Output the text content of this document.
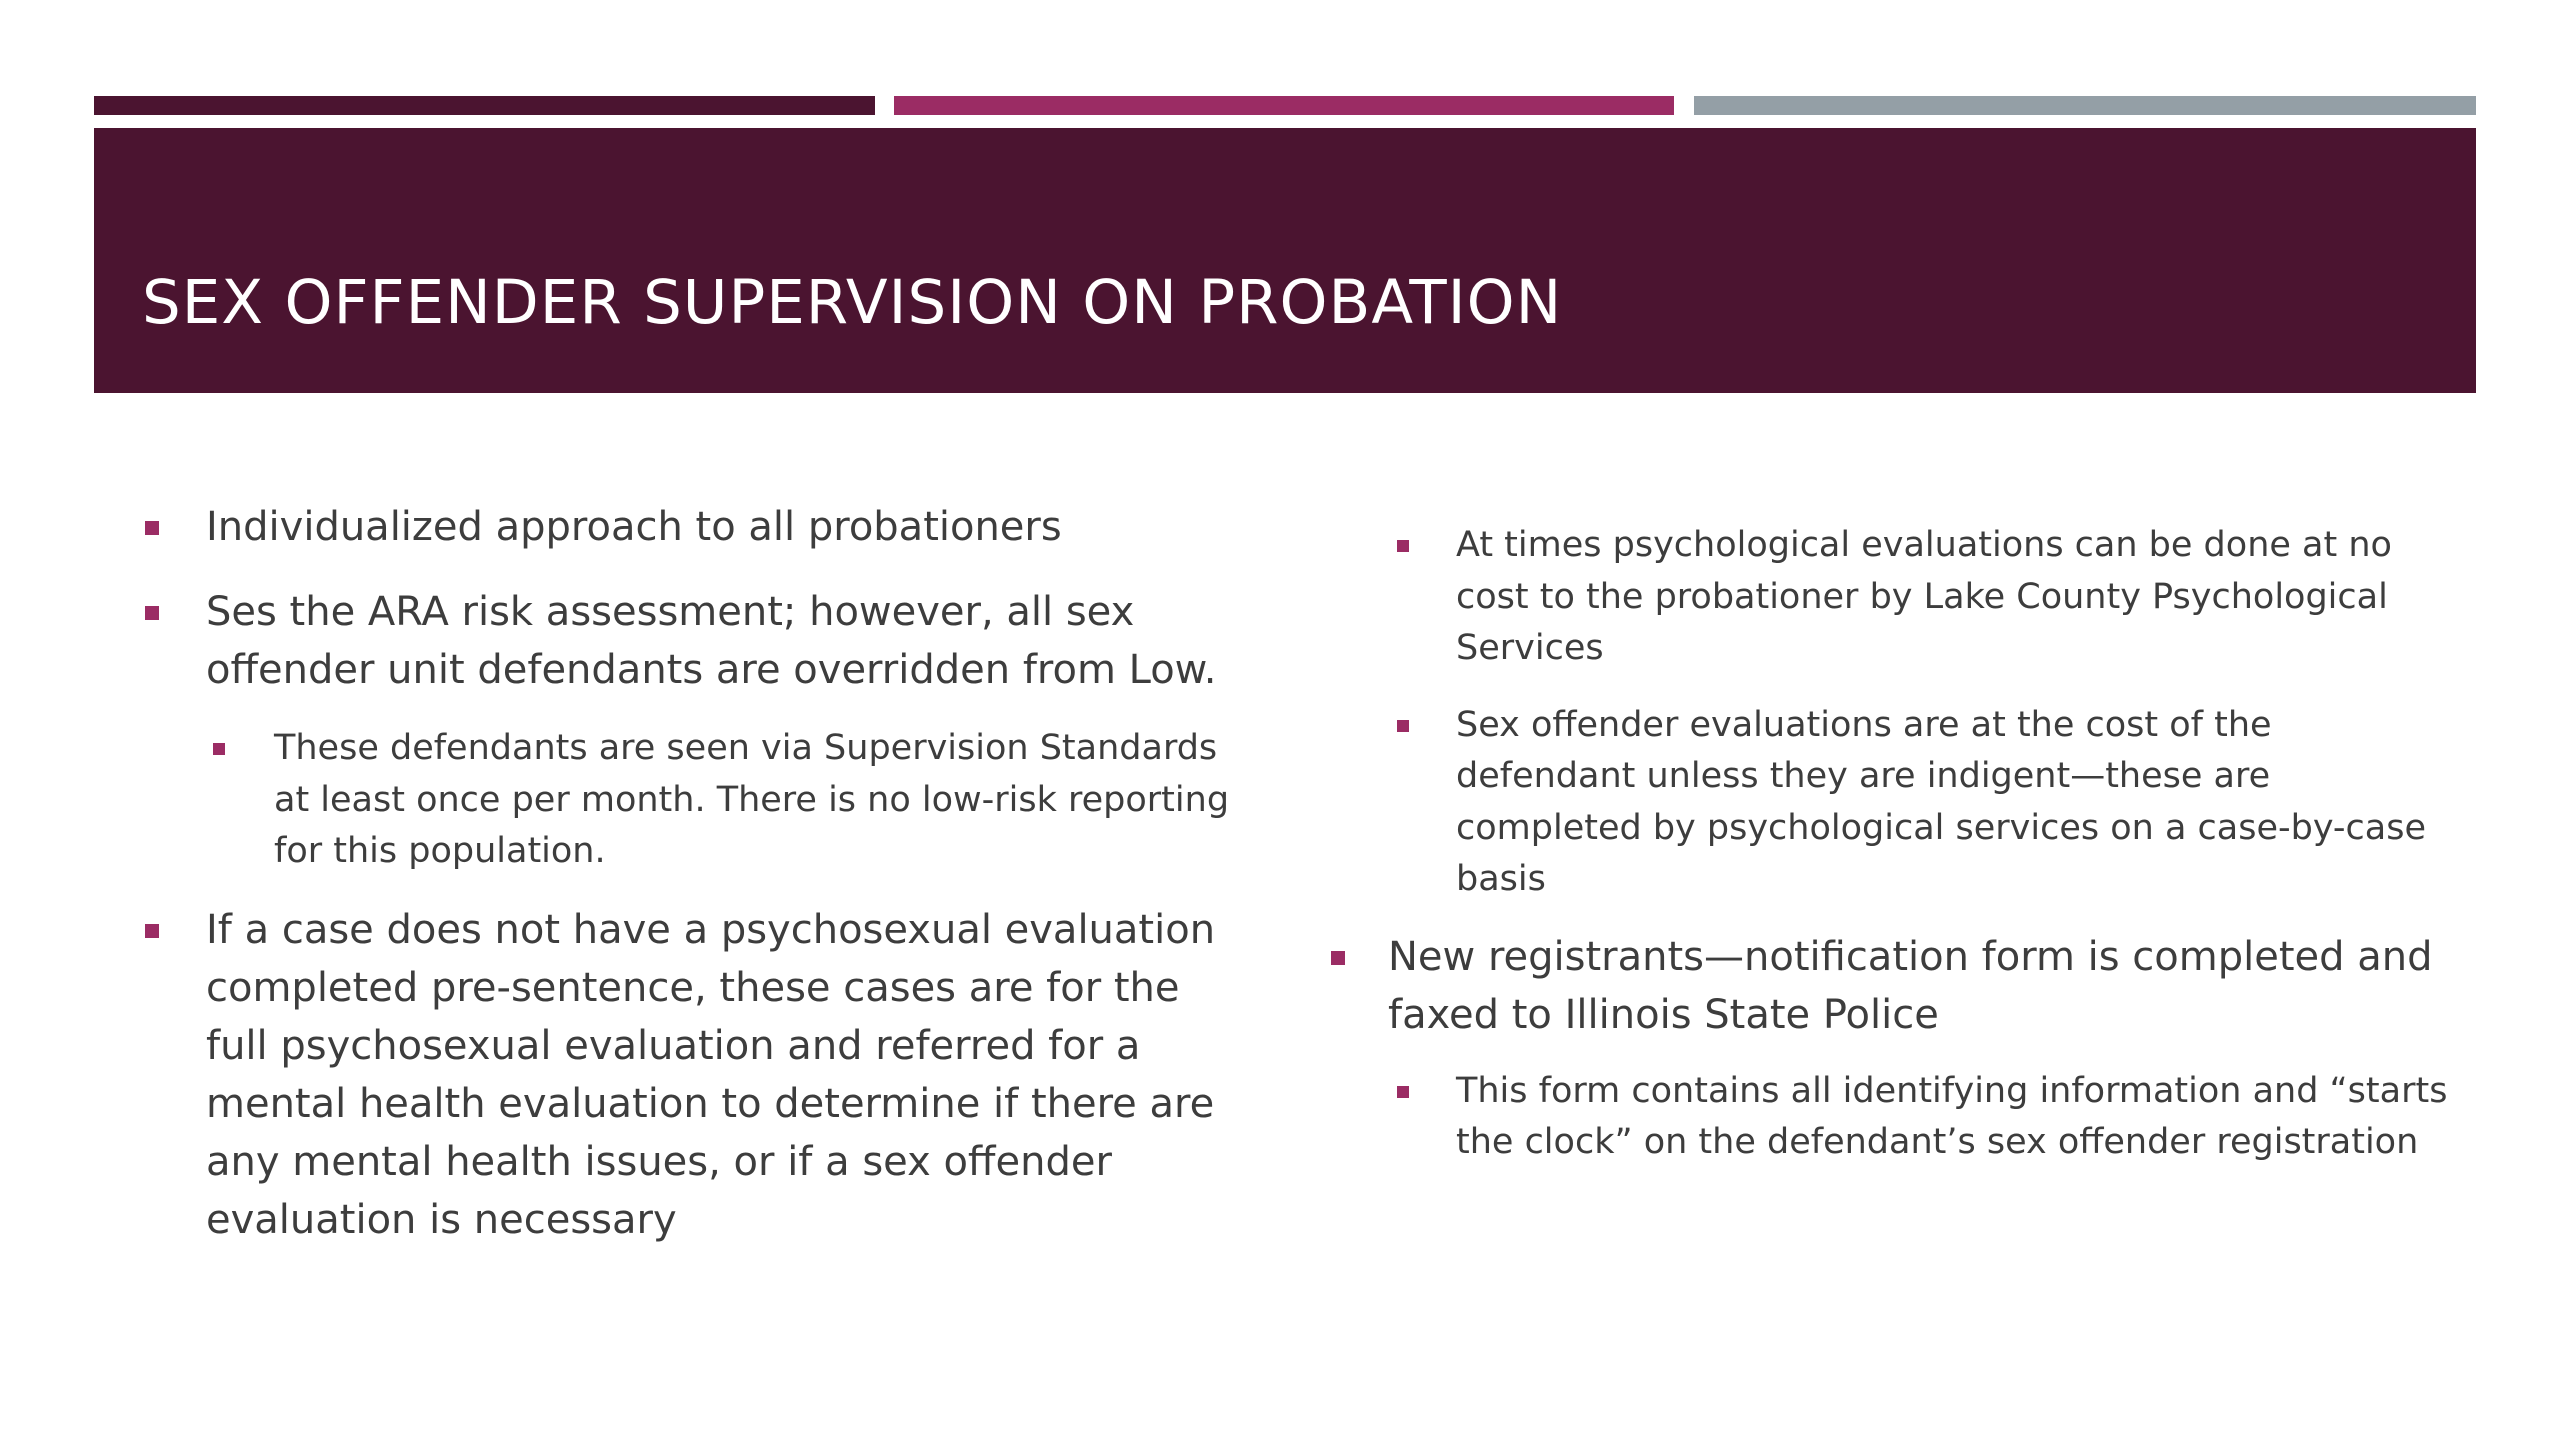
SEX OFFENDER SUPERVISION ON PROBATION
Individualized approach to all probationers
Ses the ARA risk assessment; however, all sex offender unit defendants are overridden from Low.
These defendants are seen via Supervision Standards at least once per month. There is no low-risk reporting for this population.
If a case does not have a psychosexual evaluation completed pre-sentence, these cases are for the full psychosexual evaluation and referred for a mental health evaluation to determine if there are any mental health issues, or if a sex offender evaluation is necessary
At times psychological evaluations can be done at no cost to the probationer by Lake County Psychological Services
Sex offender evaluations are at the cost of the defendant unless they are indigent—these are completed by psychological services on a case-by-case basis
New registrants—notification form is completed and faxed to Illinois State Police
This form contains all identifying information and “starts the clock” on the defendant’s sex offender registration
